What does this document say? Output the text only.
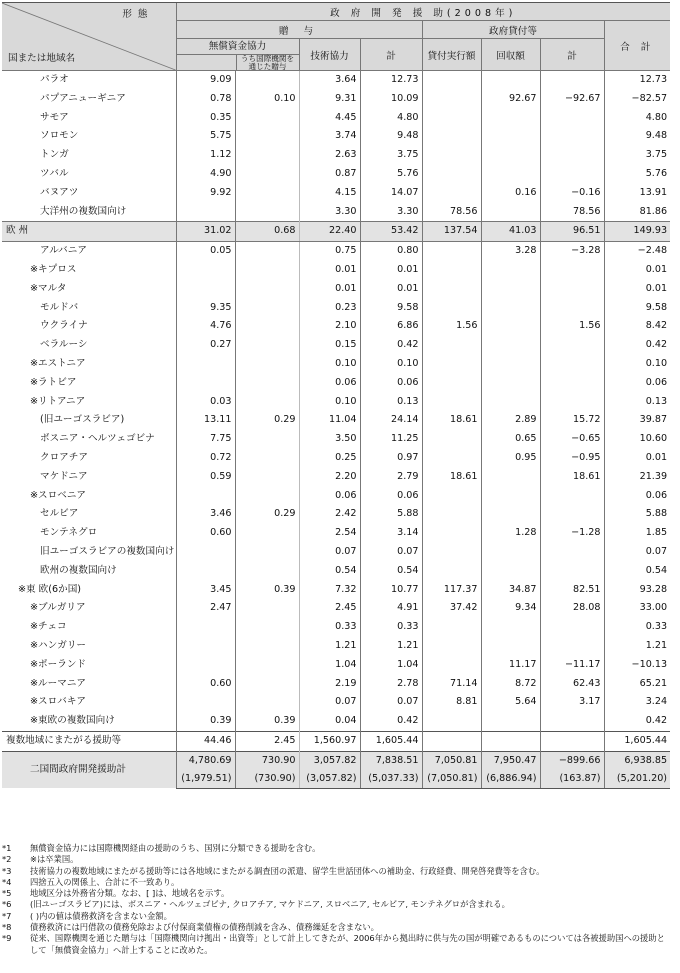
形態
国または地域名	政 府 開 発 援 助(2008年)							
	贈 与				政府貸付等			合 計

	無償資金協力
うち国際機関を
通じた贈与		技術協力	計	貸付実行額	回収額	計	
パラオ	9.09		3.64	12.73				12.73
パプアニューギニア	0.78	0.10	9.31	10.09		92.67	−92.67	−82.57
サモア	0.35		4.45	4.80				4.80
ソロモン	5.75		3.74	9.48				9.48
トンガ	1.12		2.63	3.75				3.75
ツバル	4.90		0.87	5.76				5.76
バヌアツ	9.92		4.15	14.07		0.16	−0.16	13.91
大洋州の複数国向け			3.30	3.30	78.56		78.56	81.86
欧 州	31.02	0.68	22.40	53.42	137.54	41.03	96.51	149.93
アルバニア	0.05		0.75	0.80		3.28	−3.28	−2.48
※キプロス			0.01	0.01				0.01
※マルタ			0.01	0.01				0.01
モルドバ	9.35		0.23	9.58				9.58
ウクライナ	4.76		2.10	6.86	1.56		1.56	8.42
ベラルーシ	0.27		0.15	0.42				0.42
※エストニア			0.10	0.10				0.10
※ラトビア			0.06	0.06				0.06
※リトアニア	0.03		0.10	0.13				0.13
(旧ユーゴスラビア)	13.11	0.29	11.04	24.14	18.61	2.89	15.72	39.87
ボスニア・ヘルツェゴビナ	7.75		3.50	11.25		0.65	−0.65	10.60
クロアチア	0.72		0.25	0.97		0.95	−0.95	0.01
マケドニア	0.59		2.20	2.79	18.61		18.61	21.39
※スロベニア			0.06	0.06				0.06
セルビア	3.46	0.29	2.42	5.88				5.88
モンテネグロ	0.60		2.54	3.14		1.28	−1.28	1.85
旧ユーゴスラビアの複数国向け			0.07	0.07				0.07
欧州の複数国向け			0.54	0.54				0.54
※東 欧(6か国)	3.45	0.39	7.32	10.77	117.37	34.87	82.51	93.28
※ブルガリア	2.47		2.45	4.91	37.42	9.34	28.08	33.00
※チェコ			0.33	0.33				0.33
※ハンガリー			1.21	1.21				1.21
※ポーランド			1.04	1.04		11.17	−11.17	−10.13
※ルーマニア	0.60		2.19	2.78	71.14	8.72	62.43	65.21
※スロバキア			0.07	0.07	8.81	5.64	3.17	3.24
※東欧の複数国向け	0.39	0.39	0.04	0.42				0.42
複数地域にまたがる援助等	44.46	2.45	1,560.97	1,605.44				1,605.44
二国間政府開発援助計	4,780.69	730.90	3,057.82	7,838.51	7,050.81	7,950.47	−899.66	6,938.85
	(1,979.51)	(730.90)	(3,057.82)	(5,037.33)	(7,050.81)	(6,886.94)	(163.87)	(5,201.20)
*1	無償資金協力には国際機関経由の援助のうち、国別に分類できる援助を含む。
*2	※は卒業国。
*3	技術協力の複数地域にまたがる援助等には各地域にまたがる調査団の派遣、留学生世話団体への補助金、行政経費、開発啓発費等を含む。
*4	四捨五入の関係上、合計に不一致あり。
*5	地域区分は外務省分類。なお、[ ]は、地域名を示す。
*6	(旧ユーゴスラビア)には、ボスニア・ヘルツェゴビナ, クロアチア, マケドニア, スロベニア, セルビア, モンテネグロが含まれる。
*7	( )内の値は債務救済を含まない金額。
*8	債務救済には円借款の債務免除および付保商業債権の債務削減を含み、債務繰延を含まない。
*9	従来、国際機関を通じた贈与は「国際機関向け拠出・出資等」として計上してきたが、2006年から拠出時に供与先の国が明確であるものについては各被援助国への援助として「無償資金協力」へ計上することに改めた。
